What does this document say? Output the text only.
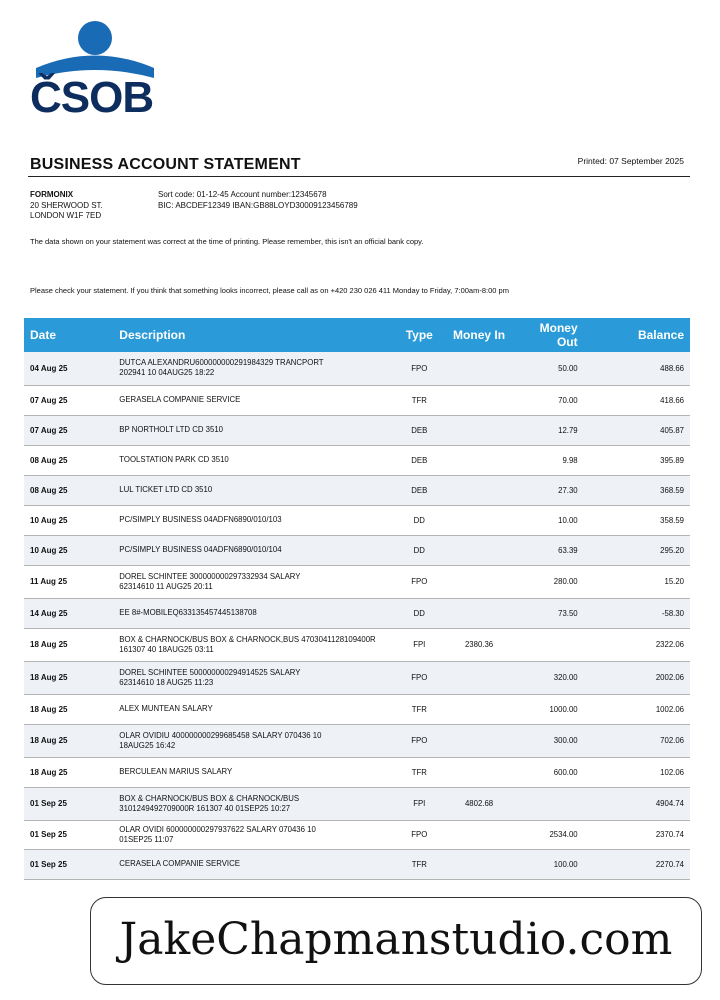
ČSOB
BUSINESS ACCOUNT STATEMENT	Printed: 07 September 2025
FORMONIX
20 SHERWOOD ST.
LONDON W1F 7ED
Sort code: 01-12-45 Account number:12345678
BIC: ABCDEF12349 IBAN:GB88LOYD30009123456789
The data shown on your statement was correct at the time of printing. Please remember, this isn't an official bank copy.
Please check your statement. If you think that something looks incorrect, please call as on +420 230 026 411 Monday to Friday, 7:00am-8:00 pm
Date	Description	Type	Money In	Money Out	Balance
04 Aug 25	DUTCA ALEXANDRU600000000291984329 TRANCPORT
202941 10 04AUG25 18:22	FPO		50.00	488.66
07 Aug 25	GERASELA COMPANIE SERVICE	TFR		70.00	418.66
07 Aug 25	BP NORTHOLT LTD CD 3510	DEB		12.79	405.87
08 Aug 25	TOOLSTATION PARK CD 3510	DEB		9.98	395.89
08 Aug 25	LUL TICKET LTD CD 3510	DEB		27.30	368.59
10 Aug 25	PC/SIMPLY BUSINESS 04ADFN6890/010/103	DD		10.00	358.59
10 Aug 25	PC/SIMPLY BUSINESS 04ADFN6890/010/104	DD		63.39	295.20
11 Aug 25	DOREL SCHINTEE 300000000297332934 SALARY
62314610 11 AUG25 20:11	FPO		280.00	15.20
14 Aug 25	EE 8#-MOBILEQ633135457445138708	DD		73.50	-58.30
18 Aug 25	BOX & CHARNOCK/BUS BOX & CHARNOCK,BUS 4703041128109400R
161307 40 18AUG25 03:11	FPI	2380.36		2322.06
18 Aug 25	DOREL SCHINTEE 500000000294914525 SALARY
62314610 18 AUG25 11:23	FPO		320.00	2002.06
18 Aug 25	ALEX MUNTEAN SALARY	TFR		1000.00	1002.06
18 Aug 25	OLAR OVIDIU 400000000299685458 SALARY 070436 10
18AUG25 16:42	FPO		300.00	702.06
18 Aug 25	BERCULEAN MARIUS SALARY	TFR		600.00	102.06
01 Sep 25	BOX & CHARNOCK/BUS BOX & CHARNOCK/BUS
3101249492709000R 161307 40 01SEP25 10:27	FPI	4802.68		4904.74
01 Sep 25	OLAR OVIDI 600000000297937622 SALARY 070436 10
01SEP25 11:07	FPO		2534.00	2370.74
01 Sep 25	CERASELA COMPANIE SERVICE	TFR		100.00	2270.74
JakeChapmanstudio.com
